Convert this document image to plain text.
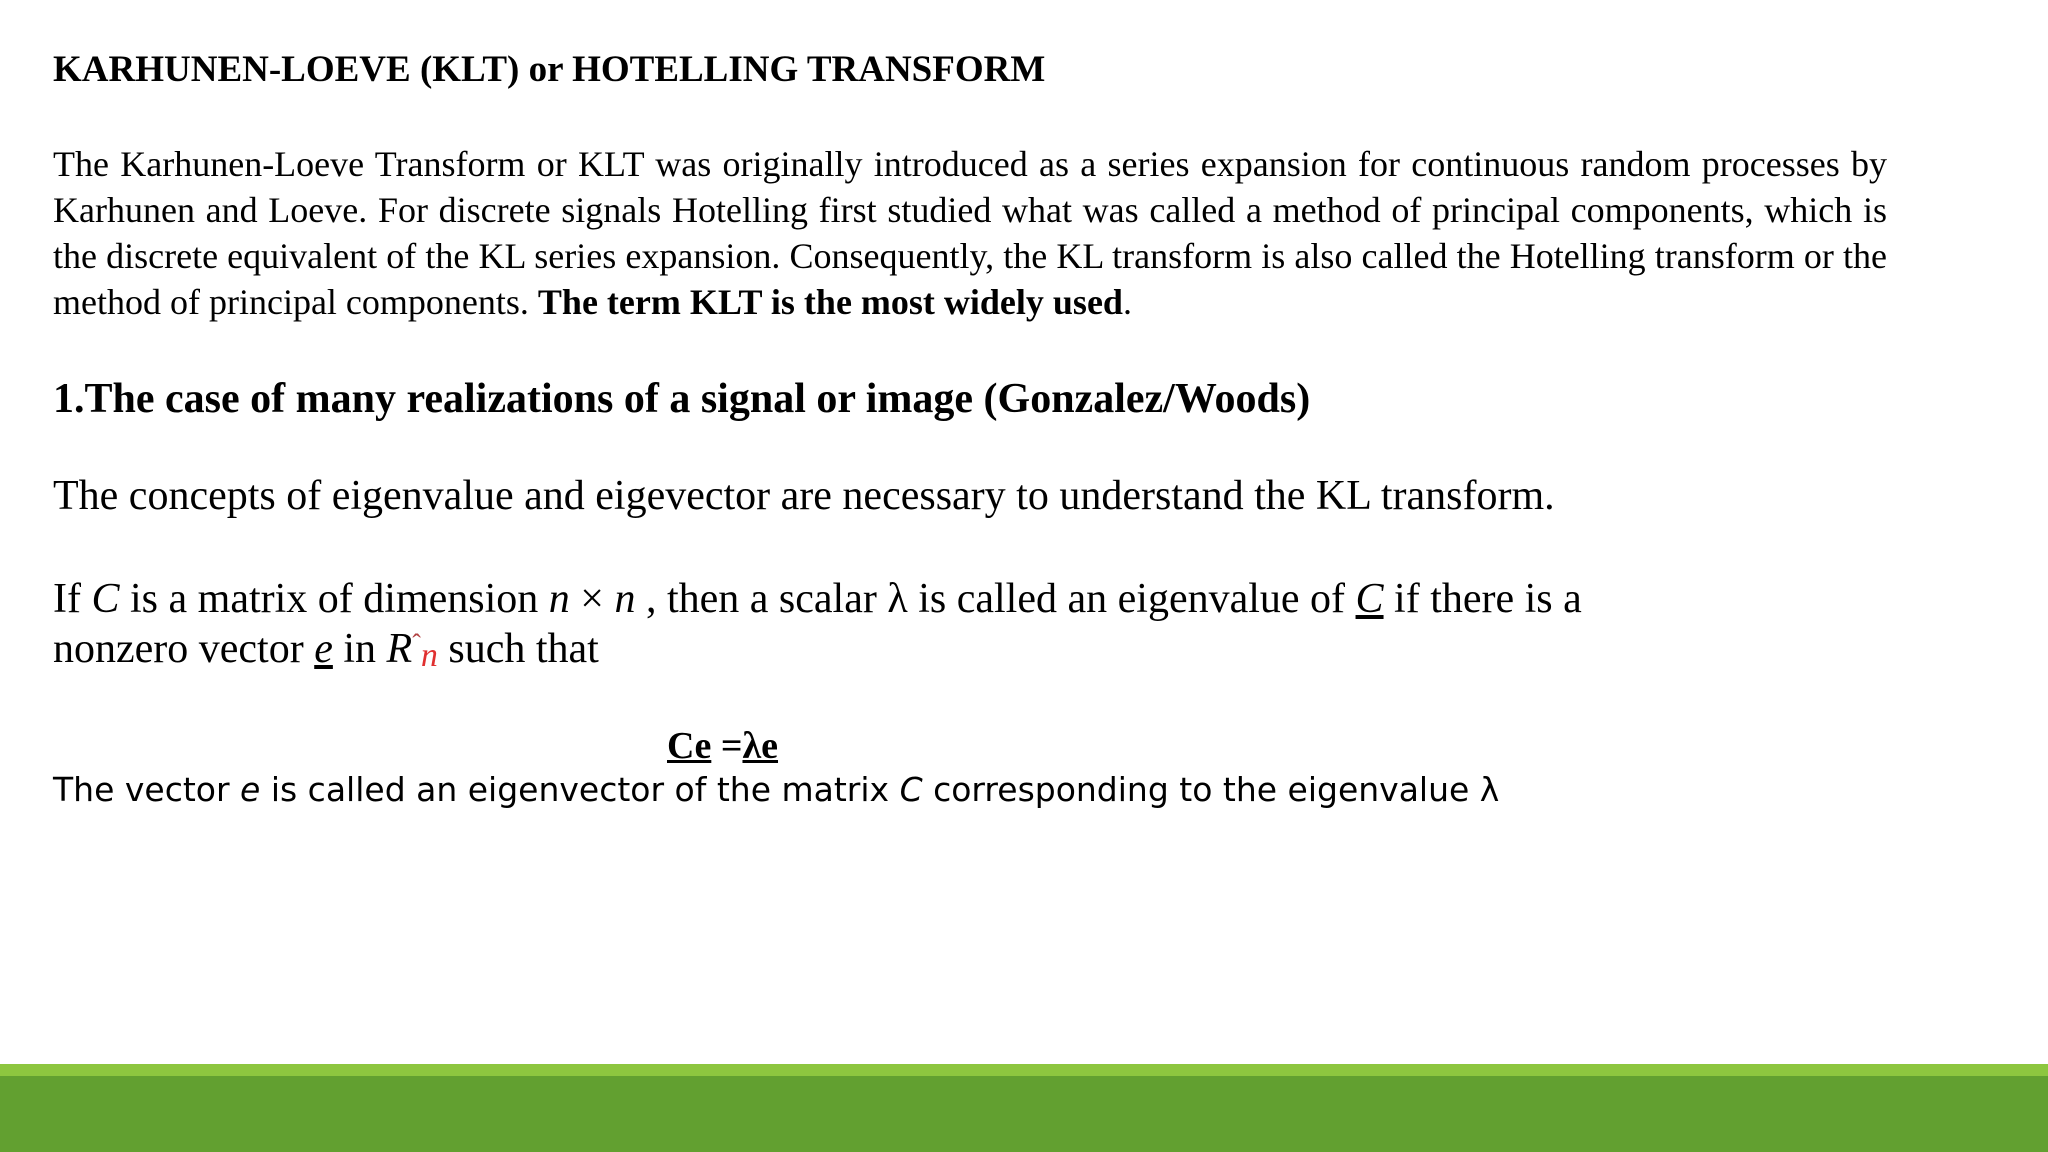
KARHUNEN-LOEVE (KLT) or HOTELLING TRANSFORM
The Karhunen-Loeve Transform or KLT was originally introduced as a series expansion for continuous random processes by Karhunen and Loeve. For discrete signals Hotelling first studied what was called a method of principal components, which is the discrete equivalent of the KL series expansion. Consequently, the KL transform is also called the Hotelling transform or the method of principal components. The term KLT is the most widely used.
1.The case of many realizations of a signal or image (Gonzalez/Woods)
The concepts of eigenvalue and eigevector are necessary to understand the KL transform.
If C is a matrix of dimension n × n , then a scalar λ is called an eigenvalue of C if there is a
nonzero vector e in $R^ˆn$ such that
Ce =λe
The vector e is called an eigenvector of the matrix C corresponding to the eigenvalue λ
